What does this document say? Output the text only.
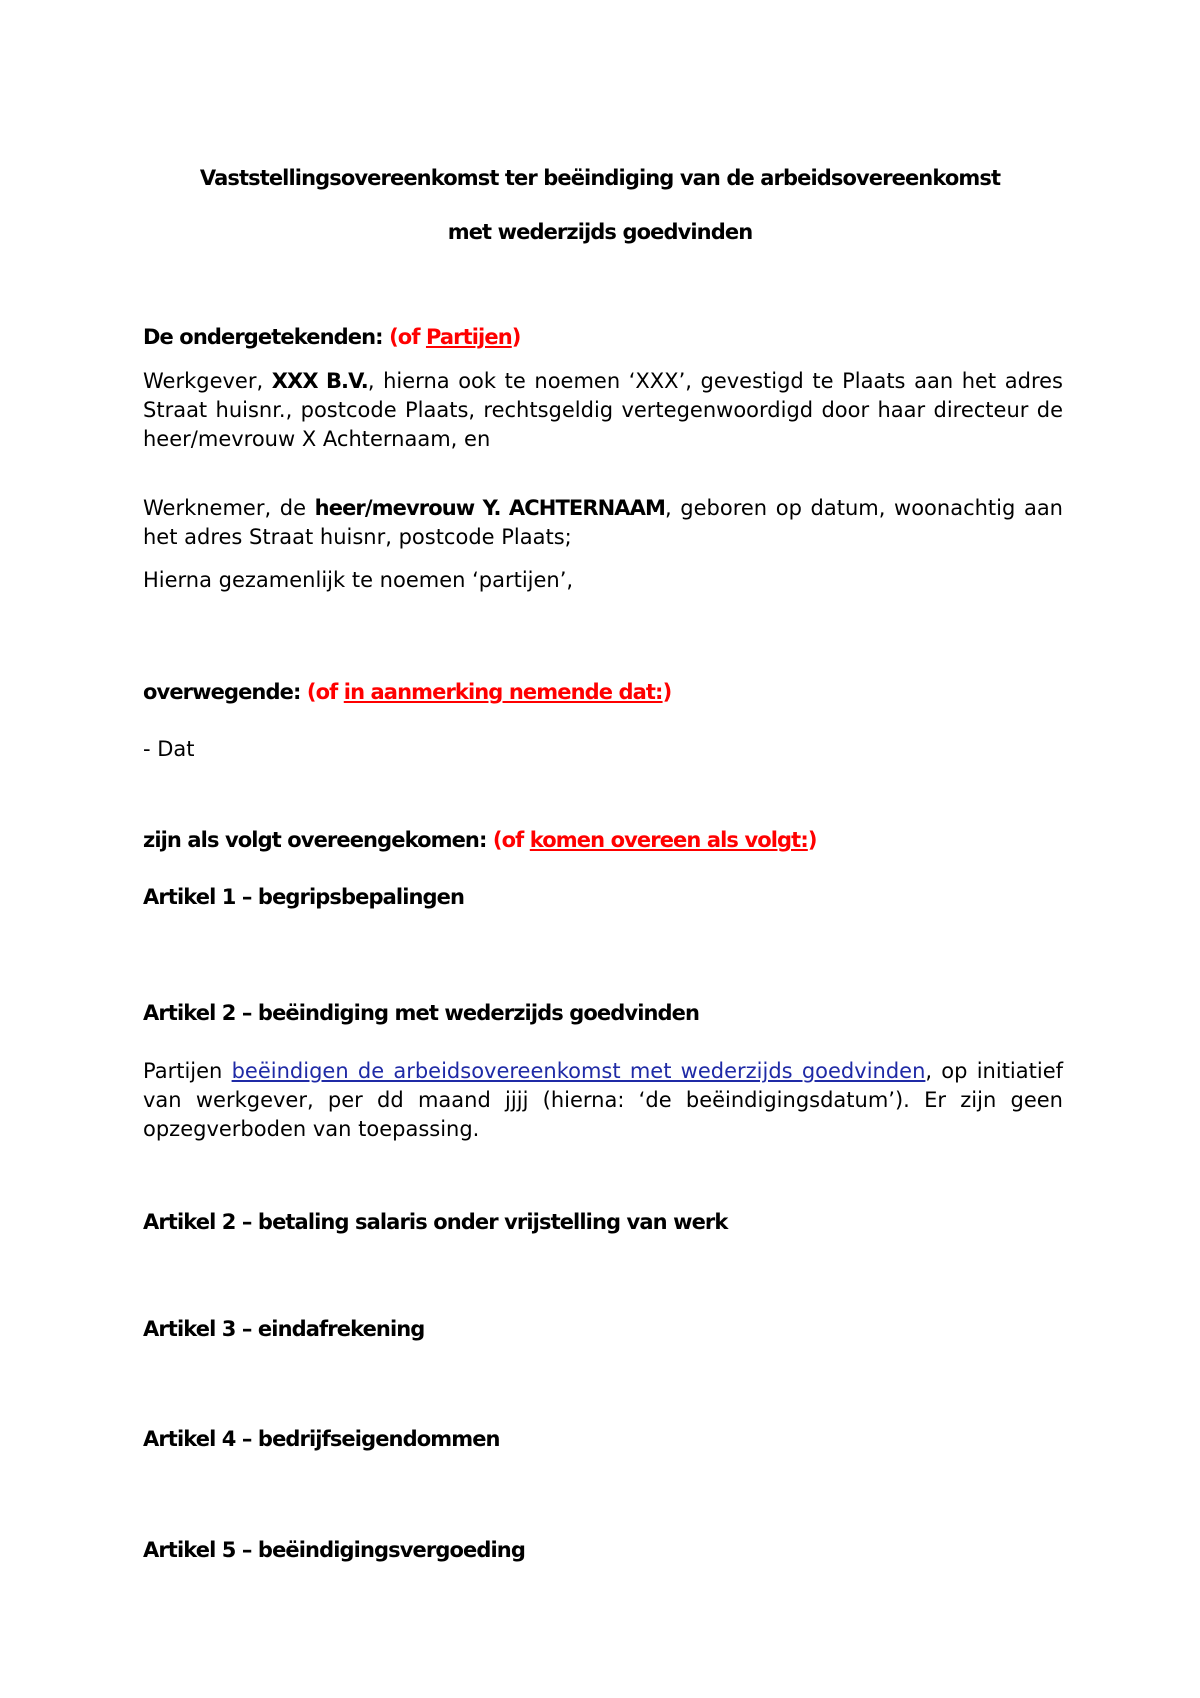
Vaststellingsovereenkomst ter beëindiging van de arbeidsovereenkomst
met wederzijds goedvinden
De ondergetekenden: (of Partijen)
Werkgever, XXX B.V., hierna ook te noemen ‘XXX’, gevestigd te Plaats aan het adres Straat huisnr., postcode Plaats, rechtsgeldig vertegenwoordigd door haar directeur de heer/mevrouw X Achternaam, en
Werknemer, de heer/mevrouw Y. ACHTERNAAM, geboren op datum, woonachtig aan het adres Straat huisnr, postcode Plaats;
Hierna gezamenlijk te noemen ‘partijen’,
overwegende: (of in aanmerking nemende dat:)
- Dat
zijn als volgt overeengekomen: (of komen overeen als volgt:)
Artikel 1 – begripsbepalingen
Artikel 2 – beëindiging met wederzijds goedvinden
Partijen beëindigen de arbeidsovereenkomst met wederzijds goedvinden, op initiatief van werkgever, per dd maand jjjj (hierna: ‘de beëindigingsdatum’). Er zijn geen opzegverboden van toepassing.
Artikel 2 – betaling salaris onder vrijstelling van werk
Artikel 3 – eindafrekening
Artikel 4 – bedrijfseigendommen
Artikel 5 – beëindigingsvergoeding
